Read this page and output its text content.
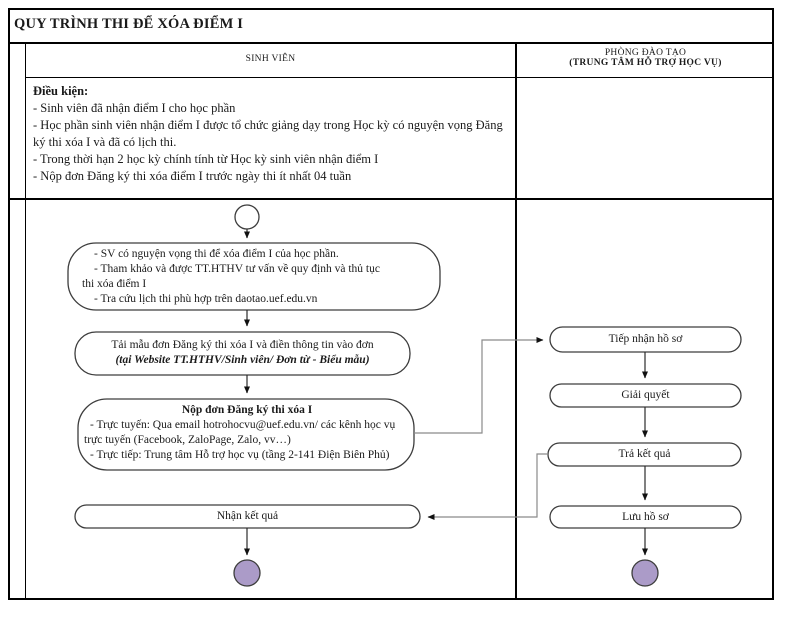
QUY TRÌNH THI ĐỂ XÓA ĐIỂM I
SINH VIÊN
PHÒNG ĐÀO TẠO
(TRUNG TÂM HỖ TRỢ HỌC VỤ)
Điều kiện:
- Sinh viên đã nhận điểm I cho học phần
- Học phần sinh viên nhận điểm I được tổ chức giảng dạy trong Học kỳ có nguyện vọng Đăng ký thi xóa I và đã có lịch thi.
- Trong thời hạn 2 học kỳ chính tính từ Học kỳ sinh viên nhận điểm I
- Nộp đơn Đăng ký thi xóa điểm I trước ngày thi ít nhất 04 tuần
- SV có nguyện vọng thi để xóa điểm I của học phần.
- Tham khảo và được TT.HTHV tư vấn về quy định và thủ tục
thi xóa điểm I
- Tra cứu lịch thi phù hợp trên daotao.uef.edu.vn
Tải mẫu đơn Đăng ký thi xóa I và điền thông tin vào đơn
(tại Website TT.HTHV/Sinh viên/ Đơn từ - Biểu mẫu)
Nộp đơn Đăng ký thi xóa I
- Trực tuyến: Qua email hotrohocvu@uef.edu.vn/ các kênh học vụ
trực tuyến (Facebook, ZaloPage, Zalo, vv…)
- Trực tiếp: Trung tâm Hỗ trợ học vụ (tầng 2-141 Điện Biên Phủ)
Tiếp nhận hồ sơ
Giải quyết
Trả kết quả
Lưu hồ sơ
Nhận kết quả
